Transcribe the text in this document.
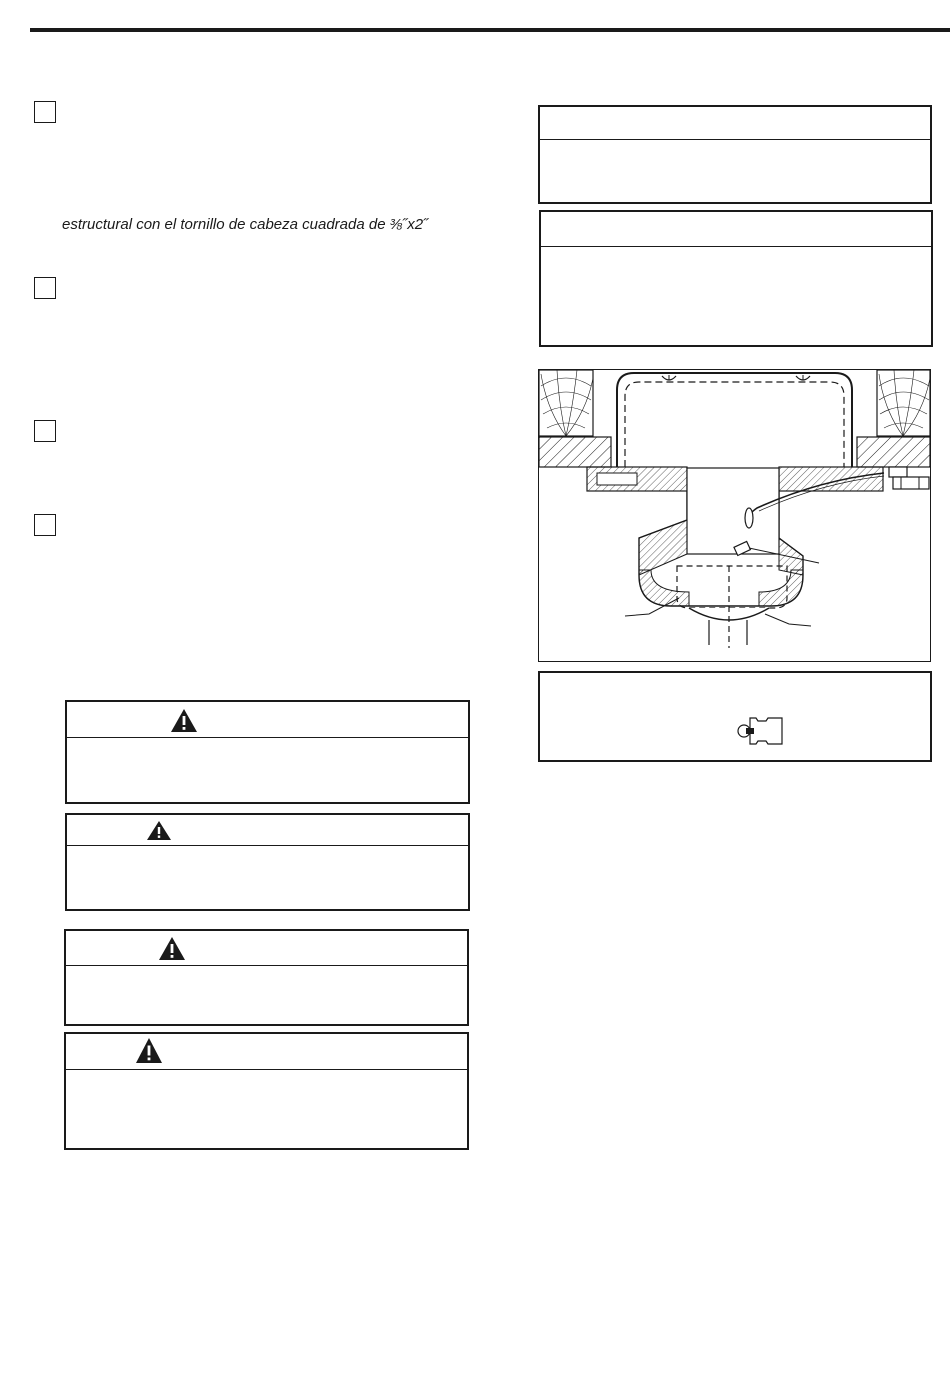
estructural con el tornillo de cabeza cuadrada de ⅜˝x2˝
